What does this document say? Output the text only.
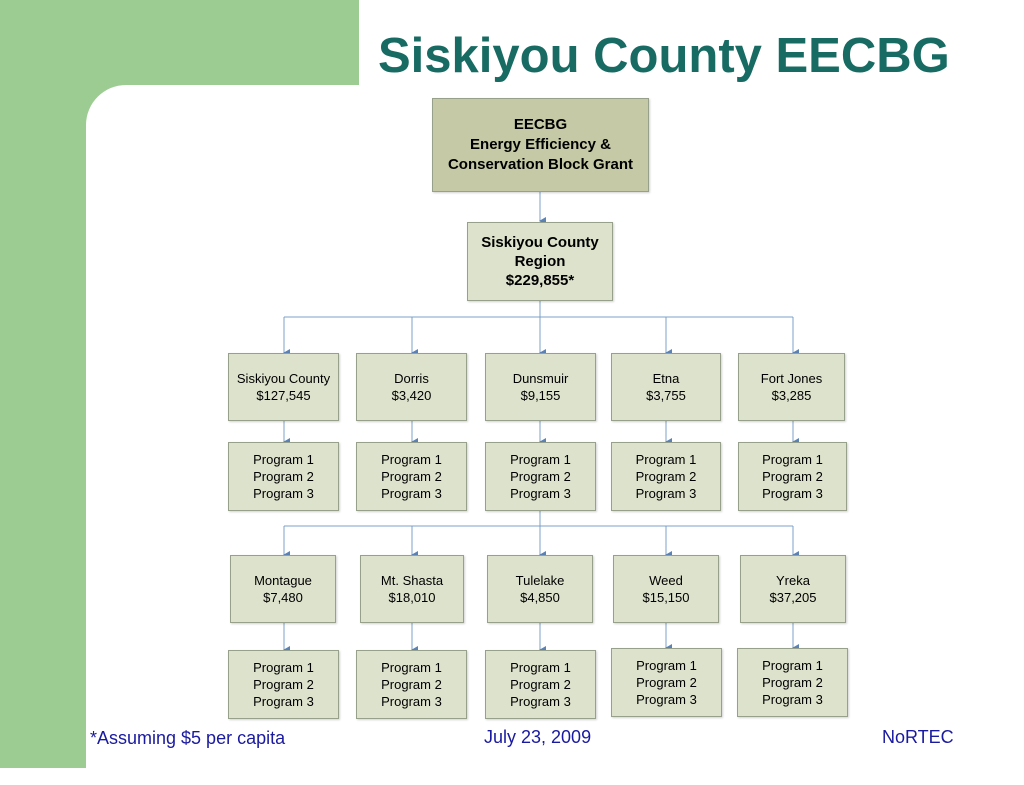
Siskiyou County EECBG
EECBG
Energy Efficiency &
Conservation Block Grant
Siskiyou County
Region
$229,855*
Siskiyou County
$127,545
Dorris
$3,420
Dunsmuir
$9,155
Etna
$3,755
Fort Jones
$3,285
Program 1
Program 2
Program 3
Program 1
Program 2
Program 3
Program 1
Program 2
Program 3
Program 1
Program 2
Program 3
Program 1
Program 2
Program 3
Montague
$7,480
Mt. Shasta
$18,010
Tulelake
$4,850
Weed
$15,150
Yreka
$37,205
Program 1
Program 2
Program 3
Program 1
Program 2
Program 3
Program 1
Program 2
Program 3
Program 1
Program 2
Program 3
Program 1
Program 2
Program 3
*Assuming $5 per capita	July 23, 2009	NoRTEC
